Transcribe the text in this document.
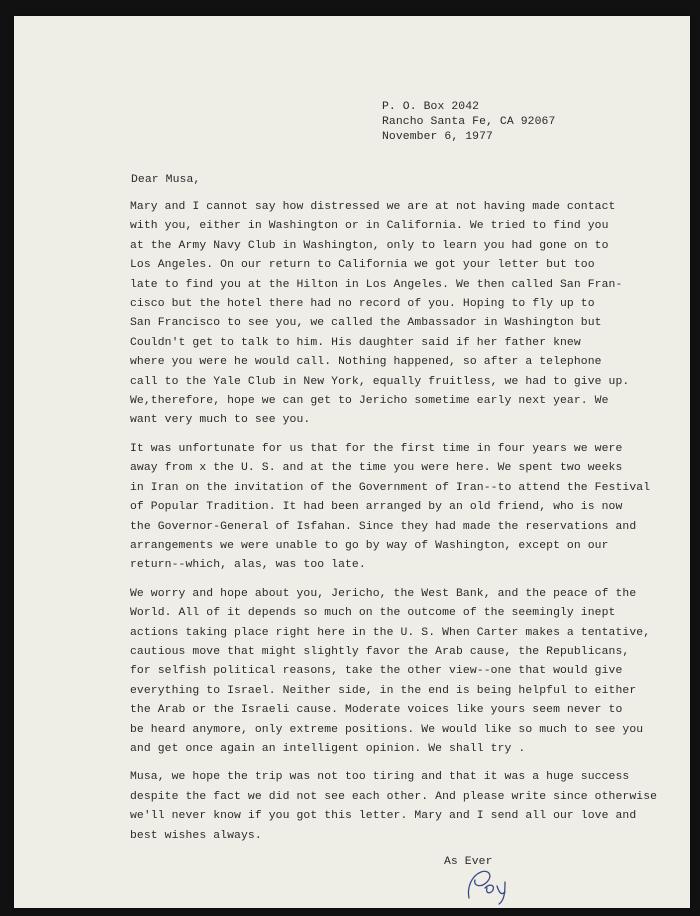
P. O. Box 2042
Rancho Santa Fe, CA 92067
November 6, 1977
Dear Musa,
Mary and I cannot say how distressed we are at not having made contact
with you, either in Washington or in California. We tried to find you
at the Army Navy Club in Washington, only to learn you had gone on to
Los Angeles. On our return to California we got your letter but too
late to find you at the Hilton in Los Angeles. We then called San Fran-
cisco but the hotel there had no record of you. Hoping to fly up to
San Francisco to see you, we called the Ambassador in Washington but
Couldn't get to talk to him. His daughter said if her father knew
where you were he would call. Nothing happened, so after a telephone
call to the Yale Club in New York, equally fruitless, we had to give up.
We,therefore, hope we can get to Jericho sometime early next year. We
want very much to see you.
It was unfortunate for us that for the first time in four years we were
away from x the U. S. and at the time you were here. We spent two weeks
in Iran on the invitation of the Government of Iran--to attend the Festival
of Popular Tradition. It had been arranged by an old friend, who is now
the Governor-General of Isfahan. Since they had made the reservations and
arrangements we were unable to go by way of Washington, except on our
return--which, alas, was too late.
We worry and hope about you, Jericho, the West Bank, and the peace of the
World. All of it depends so much on the outcome of the seemingly inept
actions taking place right here in the U. S. When Carter makes a tentative,
cautious move that might slightly favor the Arab cause, the Republicans,
for selfish political reasons, take the other view--one that would give
everything to Israel. Neither side, in the end is being helpful to either
the Arab or the Israeli cause. Moderate voices like yours seem never to
be heard anymore, only extreme positions. We would like so much to see you
and get once again an intelligent opinion. We shall try .
Musa, we hope the trip was not too tiring and that it was a huge success
despite the fact we did not see each other. And please write since otherwise
we'll never know if you got this letter. Mary and I send all our love and
best wishes always.
As Ever
